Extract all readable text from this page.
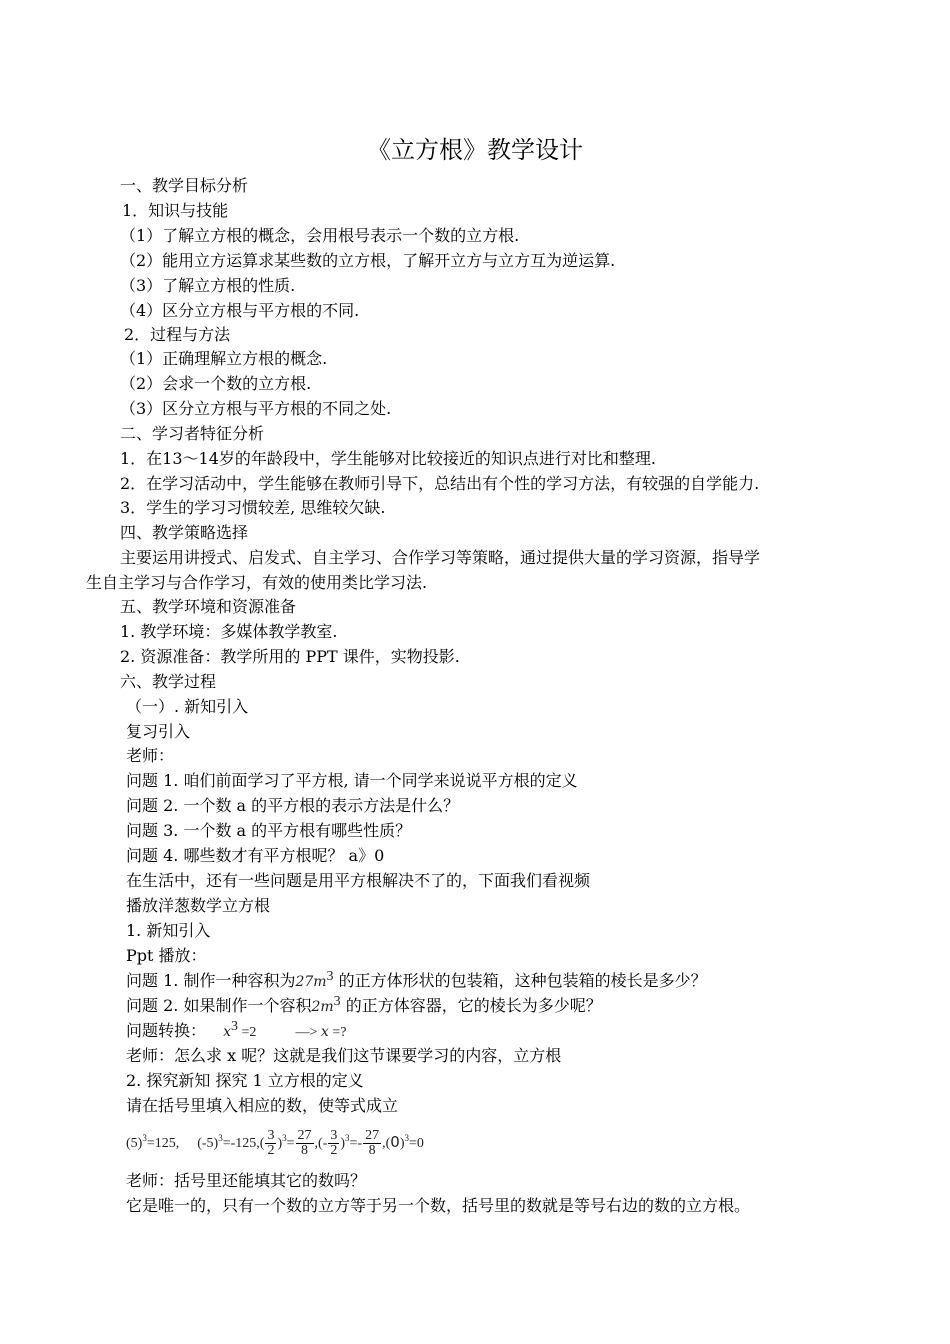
《立方根》教学设计
一、教学目标分析
1．知识与技能
（1）了解立方根的概念，会用根号表示一个数的立方根.
（2）能用立方运算求某些数的立方根，了解开立方与立方互为逆运算.
（3）了解立方根的性质.
（4）区分立方根与平方根的不同.
2．过程与方法
（1）正确理解立方根的概念.
（2）会求一个数的立方根.
（3）区分立方根与平方根的不同之处.
二、学习者特征分析
1．在13～14岁的年龄段中，学生能够对比较接近的知识点进行对比和整理.
2．在学习活动中，学生能够在教师引导下，总结出有个性的学习方法，有较强的自学能力.
3．学生的学习习惯较差, 思维较欠缺.
四、教学策略选择
主要运用讲授式、启发式、自主学习、合作学习等策略，通过提供大量的学习资源，指导学
生自主学习与合作学习，有效的使用类比学习法.
五、教学环境和资源准备
1. 教学环境：多媒体教学教室.
2. 资源准备：教学所用的 PPT 课件，实物投影.
六、教学过程
（一）. 新知引入
复习引入
老师：
问题 1. 咱们前面学习了平方根, 请一个同学来说说平方根的定义
问题 2. 一个数 a 的平方根的表示方法是什么？
问题 3. 一个数 a 的平方根有哪些性质？
问题 4. 哪些数才有平方根呢？ a》0
在生活中，还有一些问题是用平方根解决不了的，下面我们看视频
播放洋葱数学立方根
1. 新知引入
Ppt 播放：
问题 1. 制作一种容积为$27m^3$ 的正方体形状的包装箱，这种包装箱的棱长是多少？
问题 2. 如果制作一个容积$2m^3$ 的正方体容器，它的棱长为多少呢？
问题转换： $x^3 =2$	—> x =?
老师：怎么求 x 呢？这就是我们这节课要学习的内容，立方根
2. 探究新知 探究 1 立方根的定义
请在括号里填入相应的数，使等式成立
$(5)^3=125$, $(-5)^3=-125,( \frac{3}{2} )^3= \frac{27}{8}$ ,(- $\frac{3}{2} )^3=- \frac{27}{8} ,(0)^3=0$
老师：括号里还能填其它的数吗？
它是唯一的，只有一个数的立方等于另一个数，括号里的数就是等号右边的数的立方根。
